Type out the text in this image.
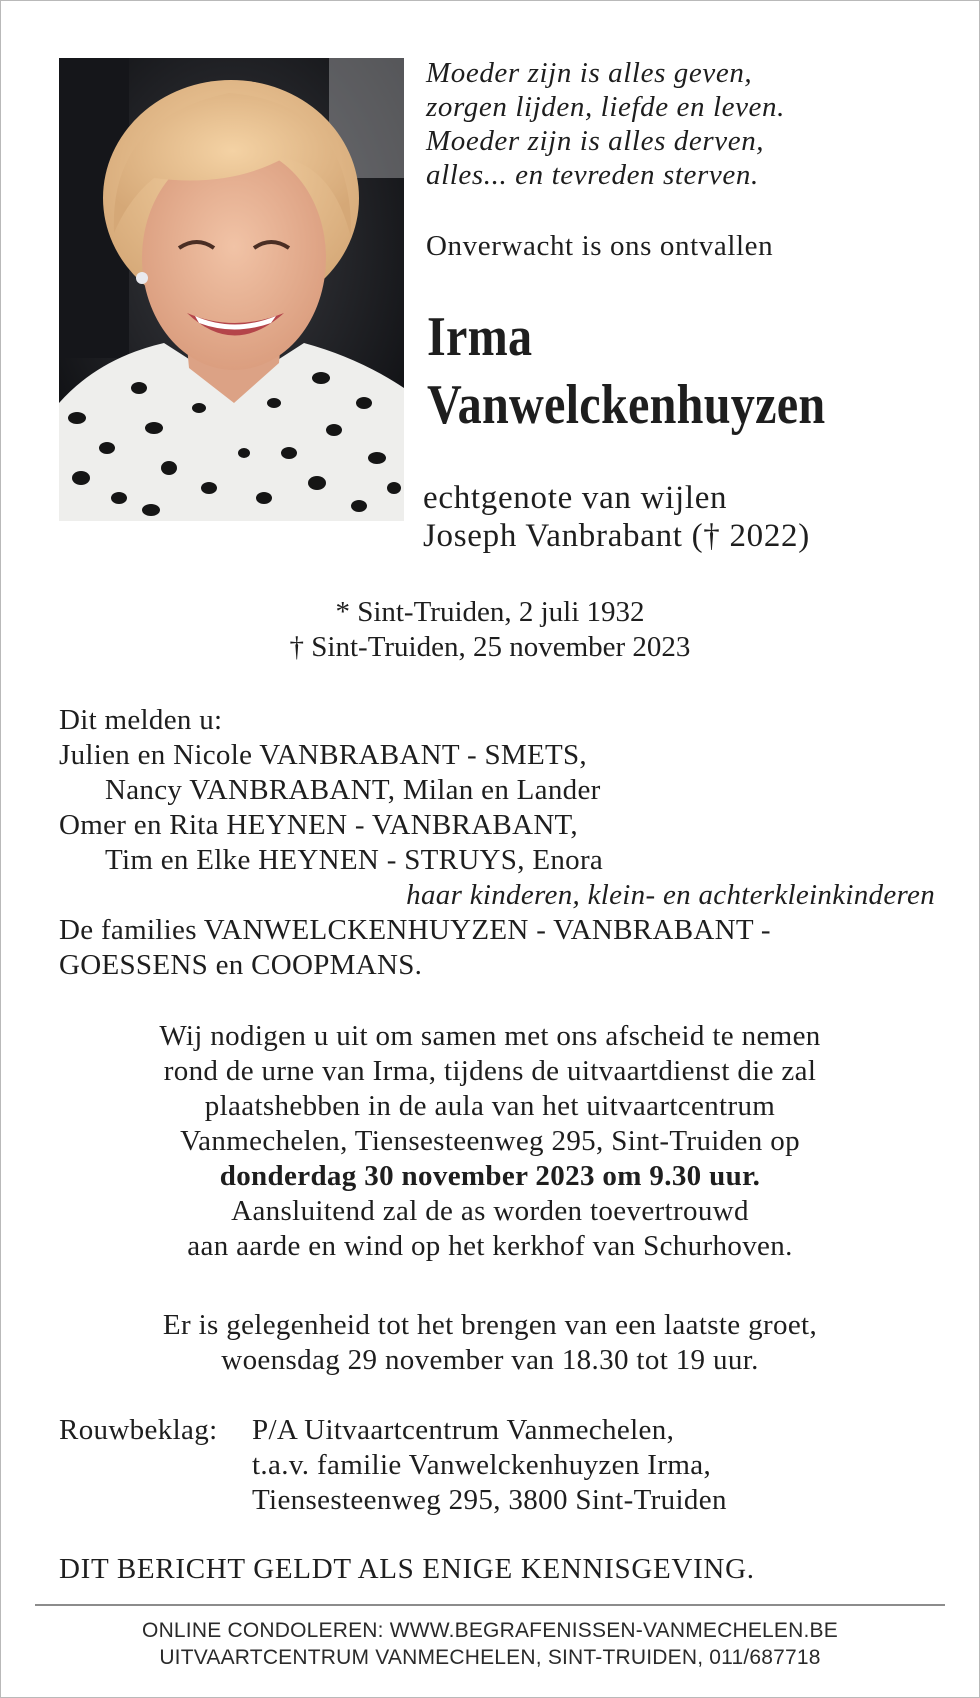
Moeder zijn is alles geven,
zorgen lijden, liefde en leven.
Moeder zijn is alles derven,
alles... en tevreden sterven.
Onverwacht is ons ontvallen
Irma
Vanwelckenhuyzen
echtgenote van wijlen
Joseph Vanbrabant († 2022)
* Sint-Truiden, 2 juli 1932
† Sint-Truiden, 25 november 2023
Dit melden u:
Julien en Nicole VANBRABANT - SMETS,
Nancy VANBRABANT, Milan en Lander
Omer en Rita HEYNEN - VANBRABANT,
Tim en Elke HEYNEN - STRUYS, Enora
haar kinderen, klein- en achterkleinkinderen
De families VANWELCKENHUYZEN - VANBRABANT -
GOESSENS en COOPMANS.
Wij nodigen u uit om samen met ons afscheid te nemen
rond de urne van Irma, tijdens de uitvaartdienst die zal
plaatshebben in de aula van het uitvaartcentrum
Vanmechelen, Tiensesteenweg 295, Sint-Truiden op
donderdag 30 november 2023 om 9.30 uur.
Aansluitend zal de as worden toevertrouwd
aan aarde en wind op het kerkhof van Schurhoven.
Er is gelegenheid tot het brengen van een laatste groet,
woensdag 29 november van 18.30 tot 19 uur.
Rouwbeklag:	P/A Uitvaartcentrum Vanmechelen,
t.a.v. familie Vanwelckenhuyzen Irma,
Tiensesteenweg 295, 3800 Sint-Truiden
DIT BERICHT GELDT ALS ENIGE KENNISGEVING.
ONLINE CONDOLEREN: WWW.BEGRAFENISSEN-VANMECHELEN.BE
UITVAARTCENTRUM VANMECHELEN, SINT-TRUIDEN, 011/687718
